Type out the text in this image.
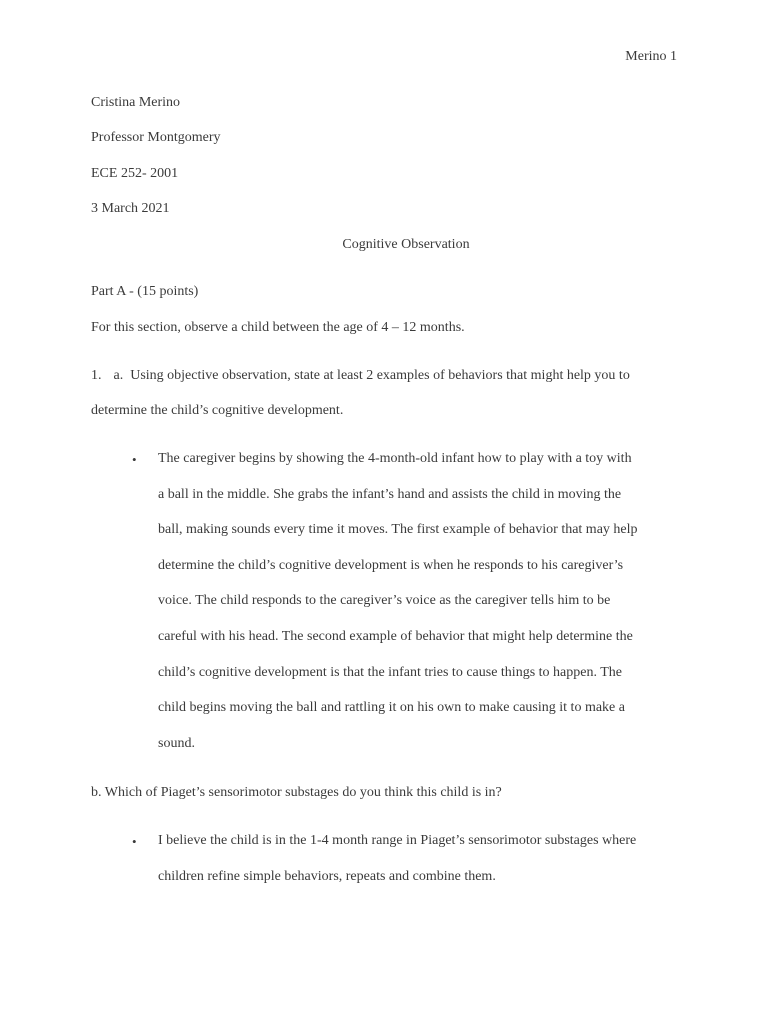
Merino 1
Cristina Merino
Professor Montgomery
ECE 252- 2001
3 March 2021
Cognitive Observation
Part A - (15 points)
For this section, observe a child between the age of 4 – 12 months.
1. a. Using objective observation, state at least 2 examples of behaviors that might help you to
determine the child’s cognitive development.
• The caregiver begins by showing the 4-month-old infant how to play with a toy with

a ball in the middle. She grabs the infant’s hand and assists the child in moving the

ball, making sounds every time it moves. The first example of behavior that may help

determine the child’s cognitive development is when he responds to his caregiver’s

voice. The child responds to the caregiver’s voice as the caregiver tells him to be

careful with his head. The second example of behavior that might help determine the

child’s cognitive development is that the infant tries to cause things to happen. The

child begins moving the ball and rattling it on his own to make causing it to make a

sound.

b. Which of Piaget’s sensorimotor substages do you think this child is in?
• I believe the child is in the 1-4 month range in Piaget’s sensorimotor substages where

children refine simple behaviors, repeats and combine them.
